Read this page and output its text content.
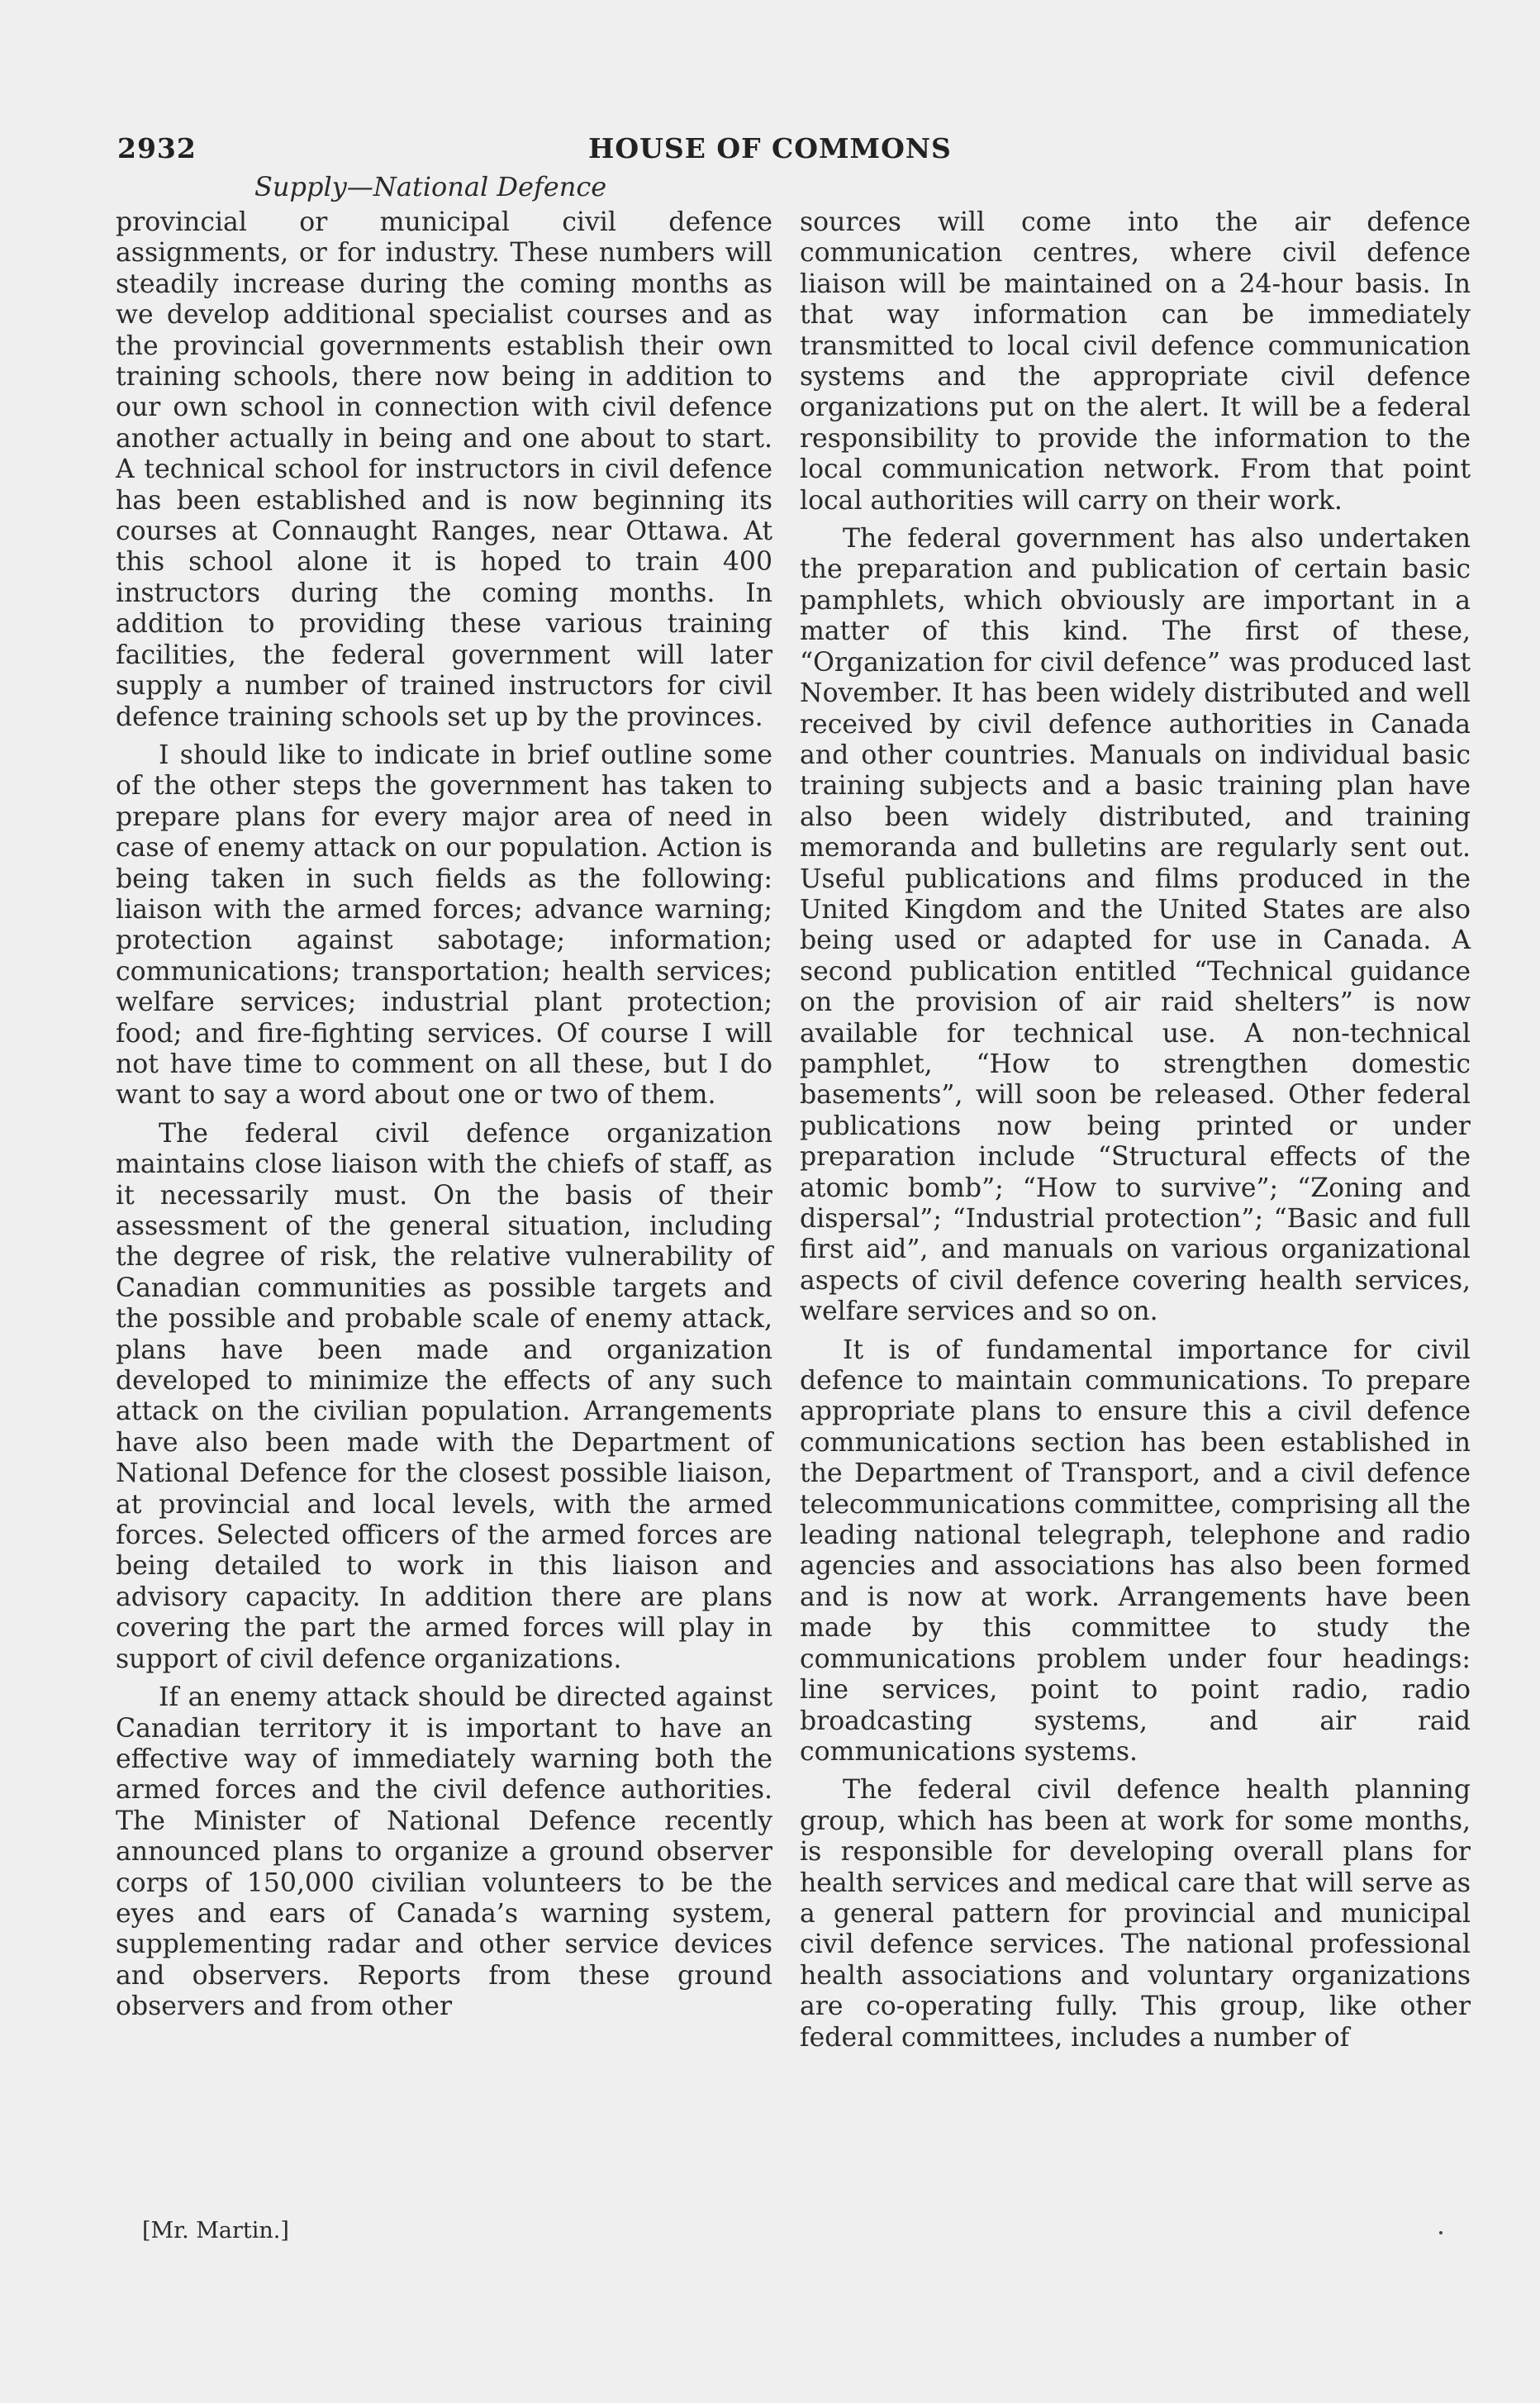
2932	HOUSE OF COMMONS
Supply—National Defence

provincial or municipal civil defence assignments, or for industry. These numbers will steadily increase during the coming months as we develop additional specialist courses and as the provincial governments establish their own training schools, there now being in addition to our own school in connection with civil defence another actually in being and one about to start. A technical school for instructors in civil defence has been established and is now beginning its courses at Connaught Ranges, near Ottawa. At this school alone it is hoped to train 400 instructors during the coming months. In addition to providing these various training facilities, the federal government will later supply a number of trained instructors for civil defence training schools set up by the provinces.

I should like to indicate in brief outline some of the other steps the government has taken to prepare plans for every major area of need in case of enemy attack on our population. Action is being taken in such fields as the following: liaison with the armed forces; advance warning; protection against sabotage; information; communications; transportation; health services; welfare services; industrial plant protection; food; and fire-fighting services. Of course I will not have time to comment on all these, but I do want to say a word about one or two of them.

The federal civil defence organization maintains close liaison with the chiefs of staff, as it necessarily must. On the basis of their assessment of the general situation, including the degree of risk, the relative vulnerability of Canadian communities as possible targets and the possible and probable scale of enemy attack, plans have been made and organization developed to minimize the effects of any such attack on the civilian population. Arrangements have also been made with the Department of National Defence for the closest possible liaison, at provincial and local levels, with the armed forces. Selected officers of the armed forces are being detailed to work in this liaison and advisory capacity. In addition there are plans covering the part the armed forces will play in support of civil defence organizations.

If an enemy attack should be directed against Canadian territory it is important to have an effective way of immediately warning both the armed forces and the civil defence authorities. The Minister of National Defence recently announced plans to organize a ground observer corps of 150,000 civilian volunteers to be the eyes and ears of Canada’s warning system, supplementing radar and other service devices and observers. Reports from these ground observers and from other

sources will come into the air defence communication centres, where civil defence liaison will be maintained on a 24-hour basis. In that way information can be immediately transmitted to local civil defence communication systems and the appropriate civil defence organizations put on the alert. It will be a federal responsibility to provide the information to the local communication network. From that point local authorities will carry on their work.

The federal government has also undertaken the preparation and publication of certain basic pamphlets, which obviously are important in a matter of this kind. The first of these, “Organization for civil defence” was produced last November. It has been widely distributed and well received by civil defence authorities in Canada and other countries. Manuals on individual basic training subjects and a basic training plan have also been widely distributed, and training memoranda and bulletins are regularly sent out. Useful publications and films produced in the United Kingdom and the United States are also being used or adapted for use in Canada. A second publication entitled “Technical guidance on the provision of air raid shelters” is now available for technical use. A non-technical pamphlet, “How to strengthen domestic basements”, will soon be released. Other federal publications now being printed or under preparation include “Structural effects of the atomic bomb”; “How to survive”; “Zoning and dispersal”; “Industrial protection”; “Basic and full first aid”, and manuals on various organizational aspects of civil defence covering health services, welfare services and so on.

It is of fundamental importance for civil defence to maintain communications. To prepare appropriate plans to ensure this a civil defence communications section has been established in the Department of Transport, and a civil defence telecommunications committee, comprising all the leading national telegraph, telephone and radio agencies and associations has also been formed and is now at work. Arrangements have been made by this committee to study the communications problem under four headings: line services, point to point radio, radio broadcasting systems, and air raid communications systems.

The federal civil defence health planning group, which has been at work for some months, is responsible for developing overall plans for health services and medical care that will serve as a general pattern for provincial and municipal civil defence services. The national professional health associations and voluntary organizations are co-operating fully. This group, like other federal committees, includes a number of

[Mr. Martin.]
